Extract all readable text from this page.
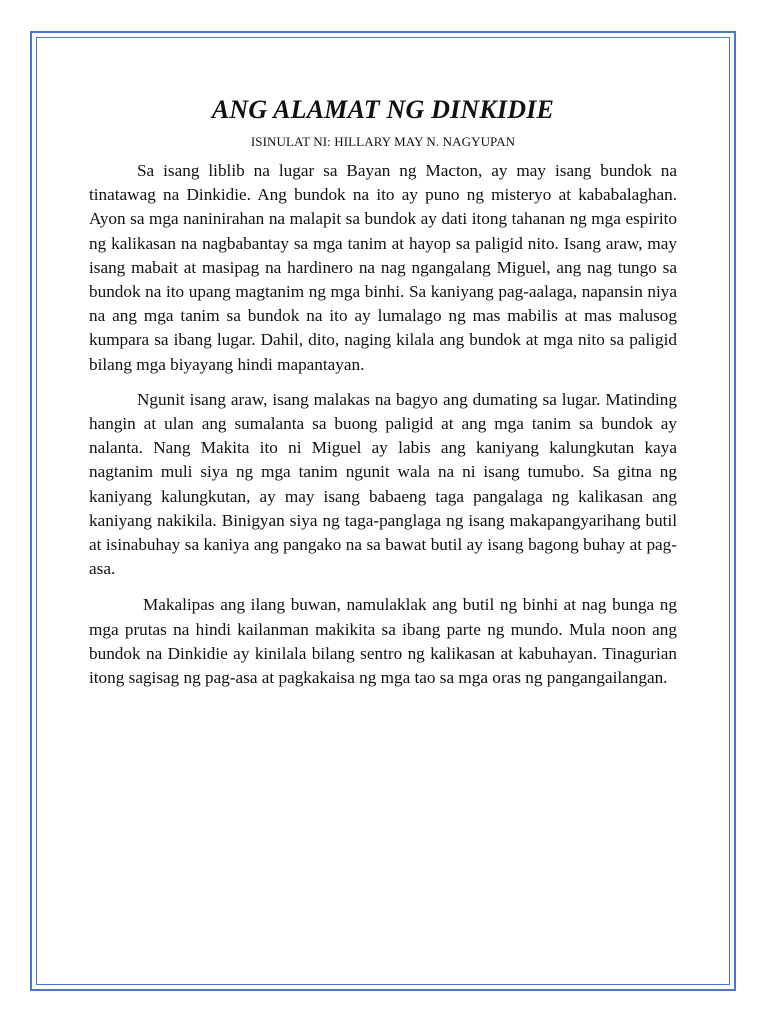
ANG ALAMAT NG DINKIDIE

ISINULAT NI: HILLARY MAY N. NAGYUPAN

Sa isang liblib na lugar sa Bayan ng Macton, ay may isang bundok na tinatawag na Dinkidie. Ang bundok na ito ay puno ng misteryo at kababalaghan. Ayon sa mga naninirahan na malapit sa bundok ay dati itong tahanan ng mga espirito ng kalikasan na nagbabantay sa mga tanim at hayop sa paligid nito. Isang araw, may isang mabait at masipag na hardinero na nag ngangalang Miguel, ang nag tungo sa bundok na ito upang magtanim ng mga binhi. Sa kaniyang pag-aalaga, napansin niya na ang mga tanim sa bundok na ito ay lumalago ng mas mabilis at mas malusog kumpara sa ibang lugar. Dahil, dito, naging kilala ang bundok at mga nito sa paligid bilang mga biyayang hindi mapantayan.

Ngunit isang araw, isang malakas na bagyo ang dumating sa lugar. Matinding hangin at ulan ang sumalanta sa buong paligid at ang mga tanim sa bundok ay nalanta. Nang Makita ito ni Miguel ay labis ang kaniyang kalungkutan kaya nagtanim muli siya ng mga tanim ngunit wala na ni isang tumubo. Sa gitna ng kaniyang kalungkutan, ay may isang babaeng taga pangalaga ng kalikasan ang kaniyang nakikila. Binigyan siya ng taga-panglaga ng isang makapangyarihang butil at isinabuhay sa kaniya ang pangako na sa bawat butil ay isang bagong buhay at pag-asa.

Makalipas ang ilang buwan, namulaklak ang butil ng binhi at nag bunga ng mga prutas na hindi kailanman makikita sa ibang parte ng mundo. Mula noon ang bundok na Dinkidie ay kinilala bilang sentro ng kalikasan at kabuhayan. Tinagurian itong sagisag ng pag-asa at pagkakaisa ng mga tao sa mga oras ng pangangailangan.
